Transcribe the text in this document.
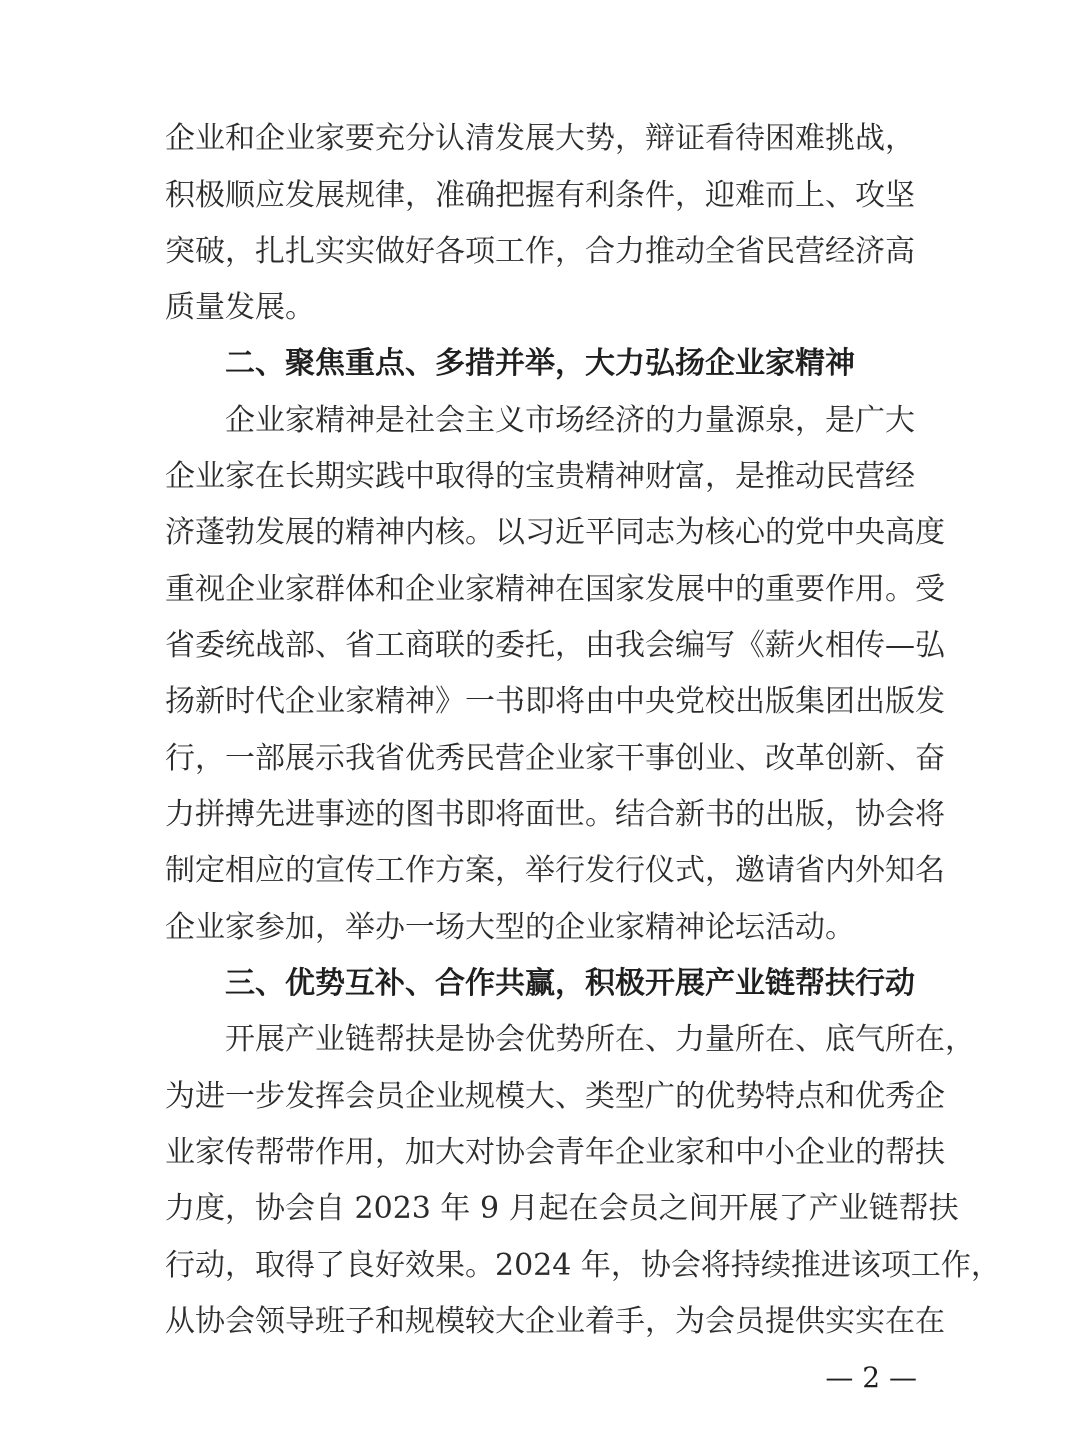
企业和企业家要充分认清发展大势，辩证看待困难挑战，
积极顺应发展规律，准确把握有利条件，迎难而上、攻坚
突破，扎扎实实做好各项工作，合力推动全省民营经济高
质量发展。
二、聚焦重点、多措并举，大力弘扬企业家精神
企业家精神是社会主义市场经济的力量源泉，是广大
企业家在长期实践中取得的宝贵精神财富，是推动民营经
济蓬勃发展的精神内核。以习近平同志为核心的党中央高度
重视企业家群体和企业家精神在国家发展中的重要作用。受
省委统战部、省工商联的委托，由我会编写《薪火相传—弘
扬新时代企业家精神》一书即将由中央党校出版集团出版发
行，一部展示我省优秀民营企业家干事创业、改革创新、奋
力拼搏先进事迹的图书即将面世。结合新书的出版，协会将
制定相应的宣传工作方案，举行发行仪式，邀请省内外知名
企业家参加，举办一场大型的企业家精神论坛活动。
三、优势互补、合作共赢，积极开展产业链帮扶行动
开展产业链帮扶是协会优势所在、力量所在、底气所在，
为进一步发挥会员企业规模大、类型广的优势特点和优秀企
业家传帮带作用，加大对协会青年企业家和中小企业的帮扶
力度，协会自 2023 年 9 月起在会员之间开展了产业链帮扶
行动，取得了良好效果。2024 年，协会将持续推进该项工作，
从协会领导班子和规模较大企业着手，为会员提供实实在在
— 2 —
